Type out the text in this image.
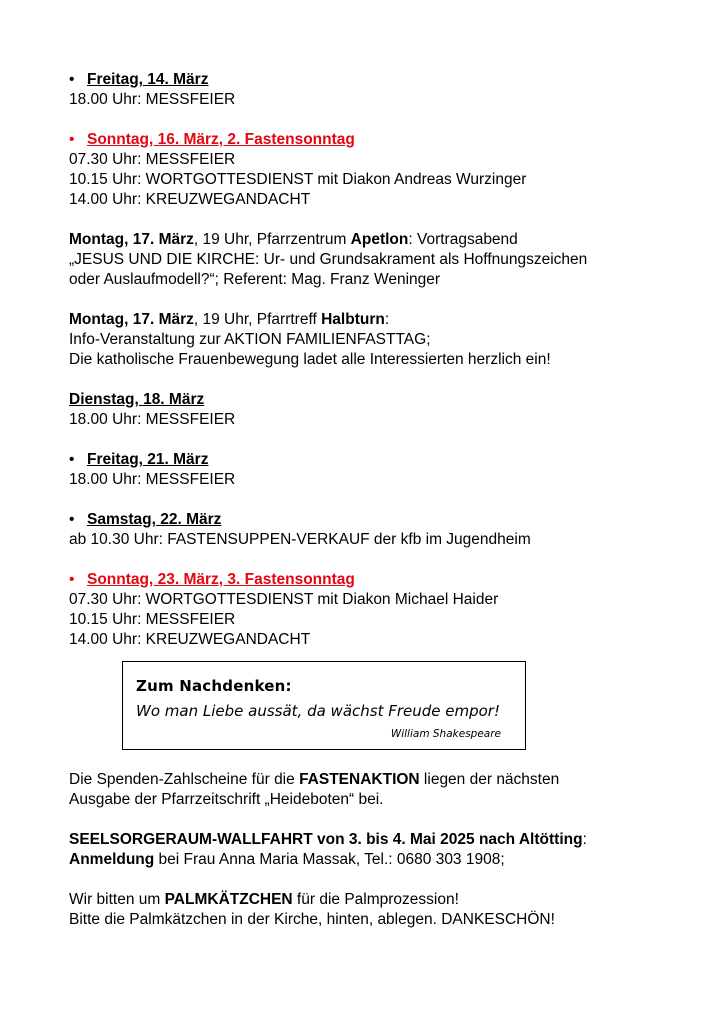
• Freitag, 14. März
18.00 Uhr: MESSFEIER
• Sonntag, 16. März, 2. Fastensonntag
07.30 Uhr: MESSFEIER
10.15 Uhr: WORTGOTTESDIENST mit Diakon Andreas Wurzinger
14.00 Uhr: KREUZWEGANDACHT
Montag, 17. März, 19 Uhr, Pfarrzentrum Apetlon: Vortragsabend
„JESUS UND DIE KIRCHE: Ur- und Grundsakrament als Hoffnungszeichen
oder Auslaufmodell?“; Referent: Mag. Franz Weninger
Montag, 17. März, 19 Uhr, Pfarrtreff Halbturn:
Info-Veranstaltung zur AKTION FAMILIENFASTTAG;
Die katholische Frauenbewegung ladet alle Interessierten herzlich ein!
Dienstag, 18. März
18.00 Uhr: MESSFEIER
• Freitag, 21. März
18.00 Uhr: MESSFEIER
• Samstag, 22. März
ab 10.30 Uhr: FASTENSUPPEN-VERKAUF der kfb im Jugendheim
• Sonntag, 23. März, 3. Fastensonntag
07.30 Uhr: WORTGOTTESDIENST mit Diakon Michael Haider
10.15 Uhr: MESSFEIER
14.00 Uhr: KREUZWEGANDACHT
Zum Nachdenken:
Wo man Liebe aussät, da wächst Freude empor!
William Shakespeare
Die Spenden-Zahlscheine für die FASTENAKTION liegen der nächsten
Ausgabe der Pfarrzeitschrift „Heideboten“ bei.
SEELSORGERAUM-WALLFAHRT von 3. bis 4. Mai 2025 nach Altötting:
Anmeldung bei Frau Anna Maria Massak, Tel.: 0680 303 1908;
Wir bitten um PALMKÄTZCHEN für die Palmprozession!
Bitte die Palmkätzchen in der Kirche, hinten, ablegen. DANKESCHÖN!
